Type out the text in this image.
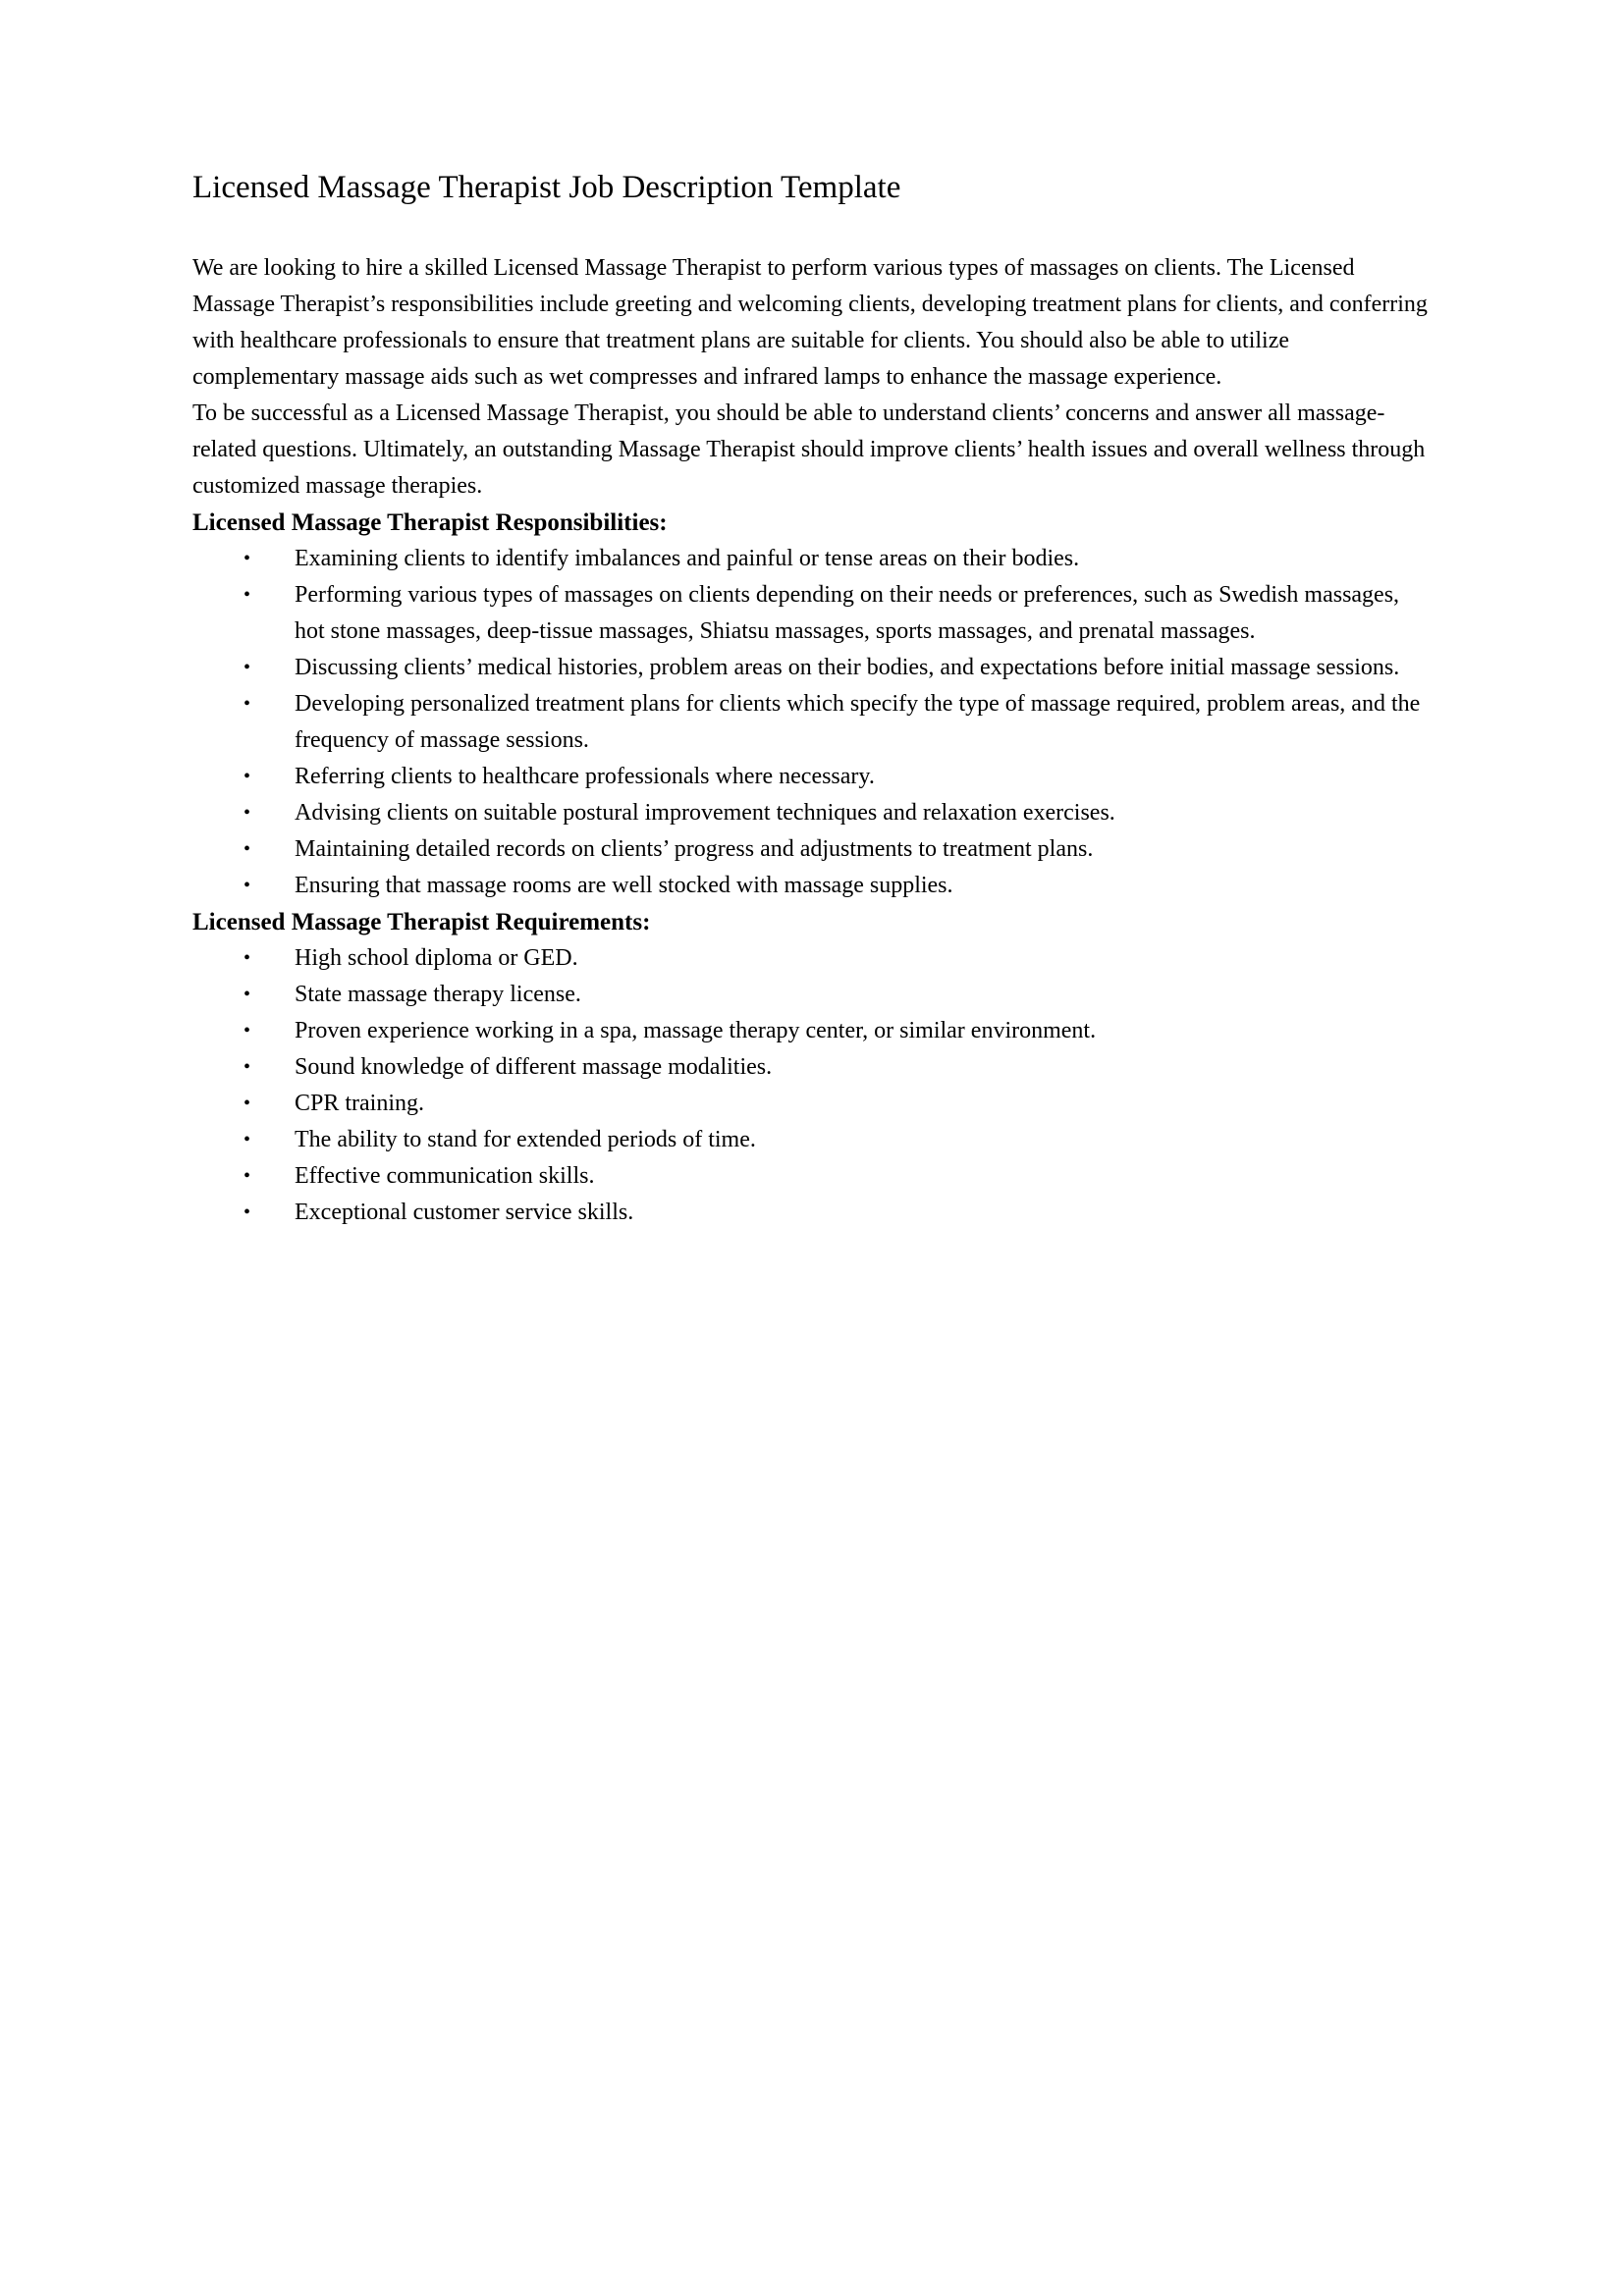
Licensed Massage Therapist Job Description Template

We are looking to hire a skilled Licensed Massage Therapist to perform various types of massages on clients. The Licensed Massage Therapist’s responsibilities include greeting and welcoming clients, developing treatment plans for clients, and conferring with healthcare professionals to ensure that treatment plans are suitable for clients. You should also be able to utilize complementary massage aids such as wet compresses and infrared lamps to enhance the massage experience.

To be successful as a Licensed Massage Therapist, you should be able to understand clients’ concerns and answer all massage-related questions. Ultimately, an outstanding Massage Therapist should improve clients’ health issues and overall wellness through customized massage therapies.

Licensed Massage Therapist Responsibilities:
• Examining clients to identify imbalances and painful or tense areas on their bodies.
• Performing various types of massages on clients depending on their needs or preferences, such as Swedish massages, hot stone massages, deep-tissue massages, Shiatsu massages, sports massages, and prenatal massages.
• Discussing clients’ medical histories, problem areas on their bodies, and expectations before initial massage sessions.
• Developing personalized treatment plans for clients which specify the type of massage required, problem areas, and the frequency of massage sessions.
• Referring clients to healthcare professionals where necessary.
• Advising clients on suitable postural improvement techniques and relaxation exercises.
• Maintaining detailed records on clients’ progress and adjustments to treatment plans.
• Ensuring that massage rooms are well stocked with massage supplies.
Licensed Massage Therapist Requirements:
• High school diploma or GED.
• State massage therapy license.
• Proven experience working in a spa, massage therapy center, or similar environment.
• Sound knowledge of different massage modalities.
• CPR training.
• The ability to stand for extended periods of time.
• Effective communication skills.
• Exceptional customer service skills.
